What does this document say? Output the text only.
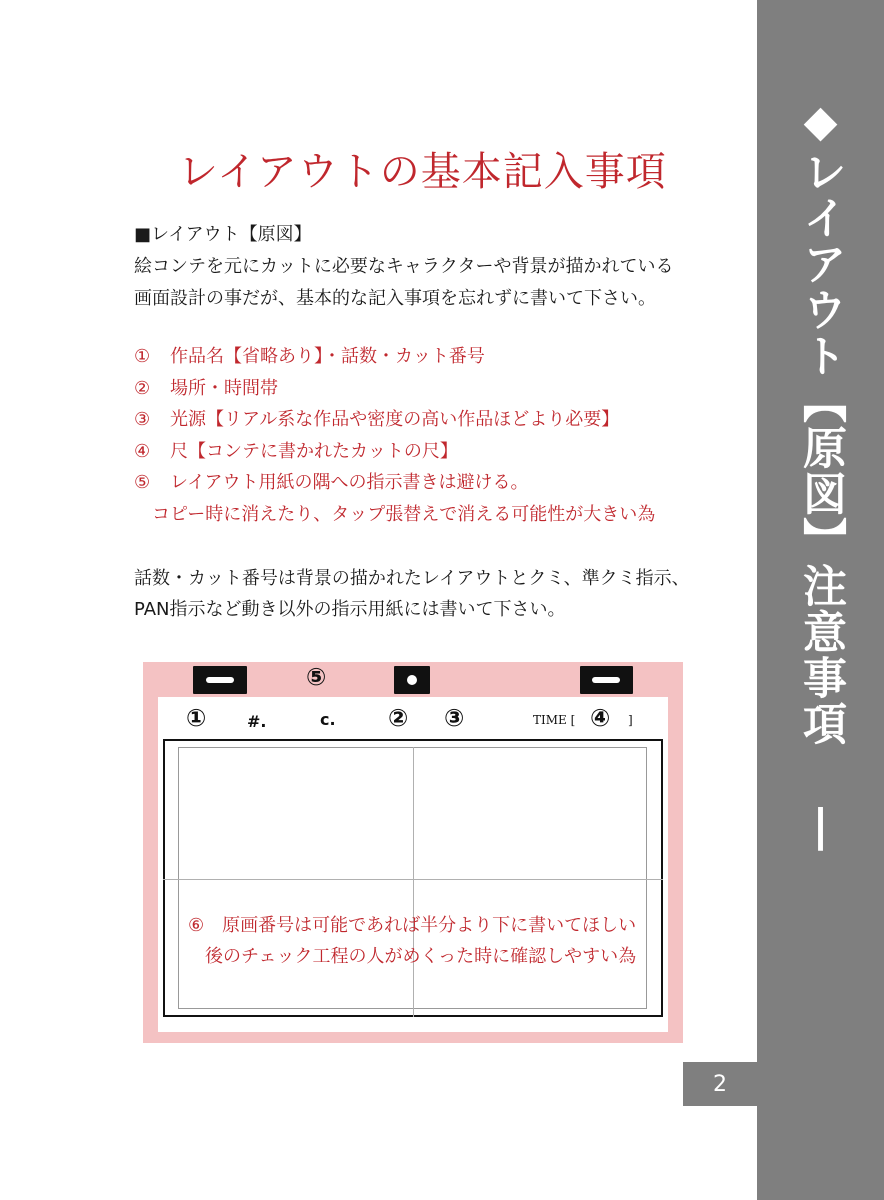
◆レイアウト【原図】注意事項 |
2
レイアウトの基本記入事項
■レイアウト【原図】
絵コンテを元にカットに必要なキャラクターや背景が描かれている
画面設計の事だが、基本的な記入事項を忘れずに書いて下さい。
① 作品名【省略あり】・話数・カット番号
② 場所・時間帯
③ 光源【リアル系な作品や密度の高い作品ほどより必要】
④ 尺【コンテに書かれたカットの尺】
⑤ レイアウト用紙の隅への指示書きは避ける。
コピー時に消えたり、タップ張替えで消える可能性が大きい為
話数・カット番号は背景の描かれたレイアウトとクミ、準クミ指示、
PAN指示など動き以外の指示用紙には書いて下さい。
⑤
①	#.	c. ② ③	TIME [ ④ ]
⑥　原画番号は可能であれば半分より下に書いてほしい
後のチェック工程の人がめくった時に確認しやすい為
